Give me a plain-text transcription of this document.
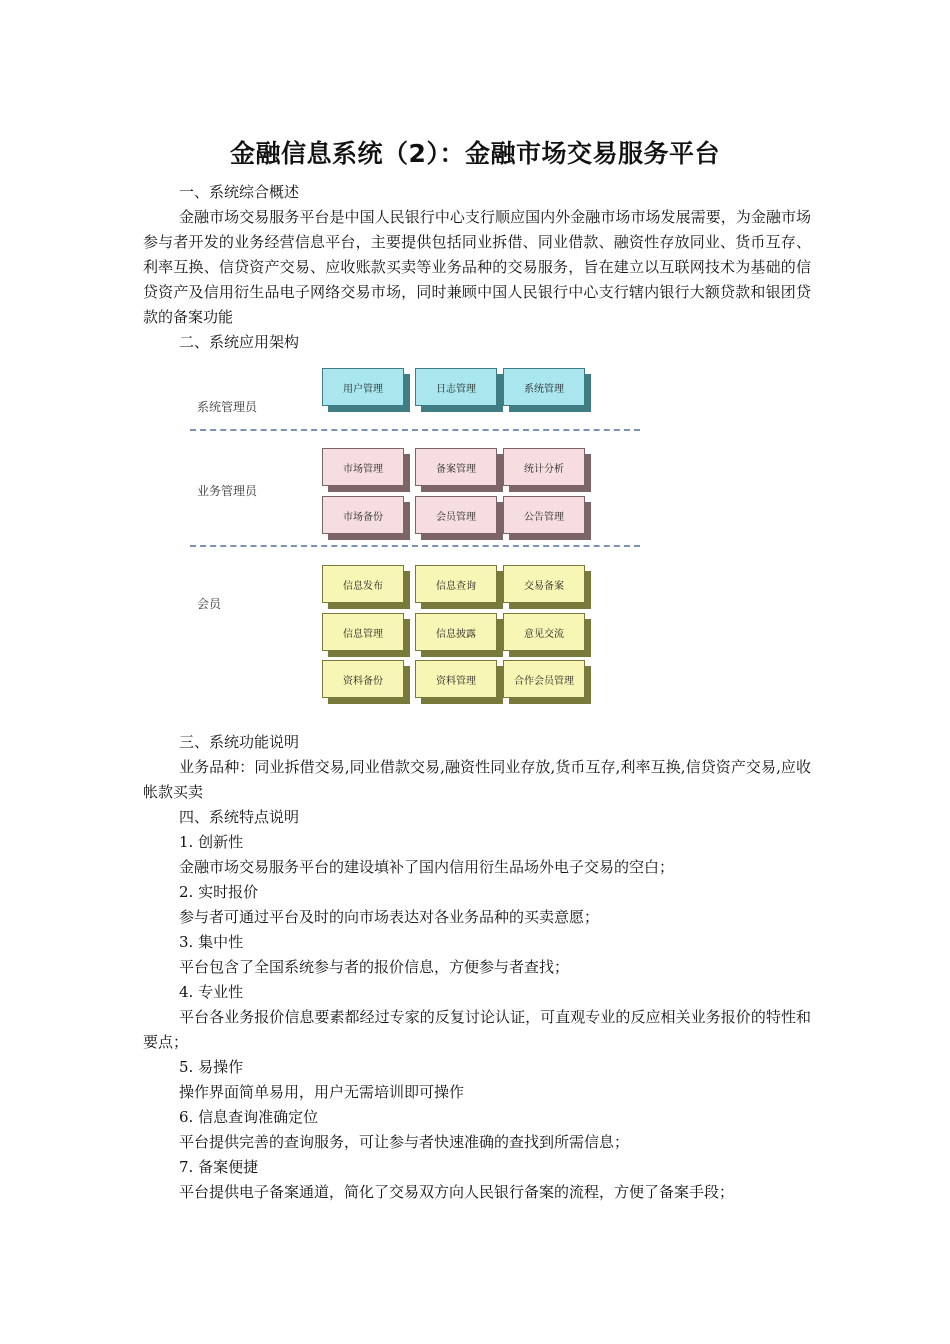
金融信息系统（2）：金融市场交易服务平台
一、系统综合概述
金融市场交易服务平台是中国人民银行中心支行顺应国内外金融市场市场发展需要，为金融市场参与者开发的业务经营信息平台，主要提供包括同业拆借、同业借款、融资性存放同业、货币互存、利率互换、信贷资产交易、应收账款买卖等业务品种的交易服务，旨在建立以互联网技术为基础的信贷资产及信用衍生品电子网络交易市场，同时兼顾中国人民银行中心支行辖内银行大额贷款和银团贷款的备案功能
二、系统应用架构
系统管理员
业务管理员
会员
用户管理	日志管理	系统管理
市场管理	备案管理	统计分析
市场备份	会员管理	公告管理
信息发布	信息查询	交易备案
信息管理	信息披露	意见交流
资料备份	资料管理	合作会员管理
三、系统功能说明
业务品种：同业拆借交易,同业借款交易,融资性同业存放,货币互存,利率互换,信贷资产交易,应收帐款买卖
四、系统特点说明
1. 创新性
金融市场交易服务平台的建设填补了国内信用衍生品场外电子交易的空白；
2. 实时报价
参与者可通过平台及时的向市场表达对各业务品种的买卖意愿；
3. 集中性
平台包含了全国系统参与者的报价信息，方便参与者查找；
4. 专业性
平台各业务报价信息要素都经过专家的反复讨论认证，可直观专业的反应相关业务报价的特性和要点；
5. 易操作
操作界面简单易用，用户无需培训即可操作
6. 信息查询准确定位
平台提供完善的查询服务，可让参与者快速准确的查找到所需信息；
7. 备案便捷
平台提供电子备案通道，简化了交易双方向人民银行备案的流程，方便了备案手段；
